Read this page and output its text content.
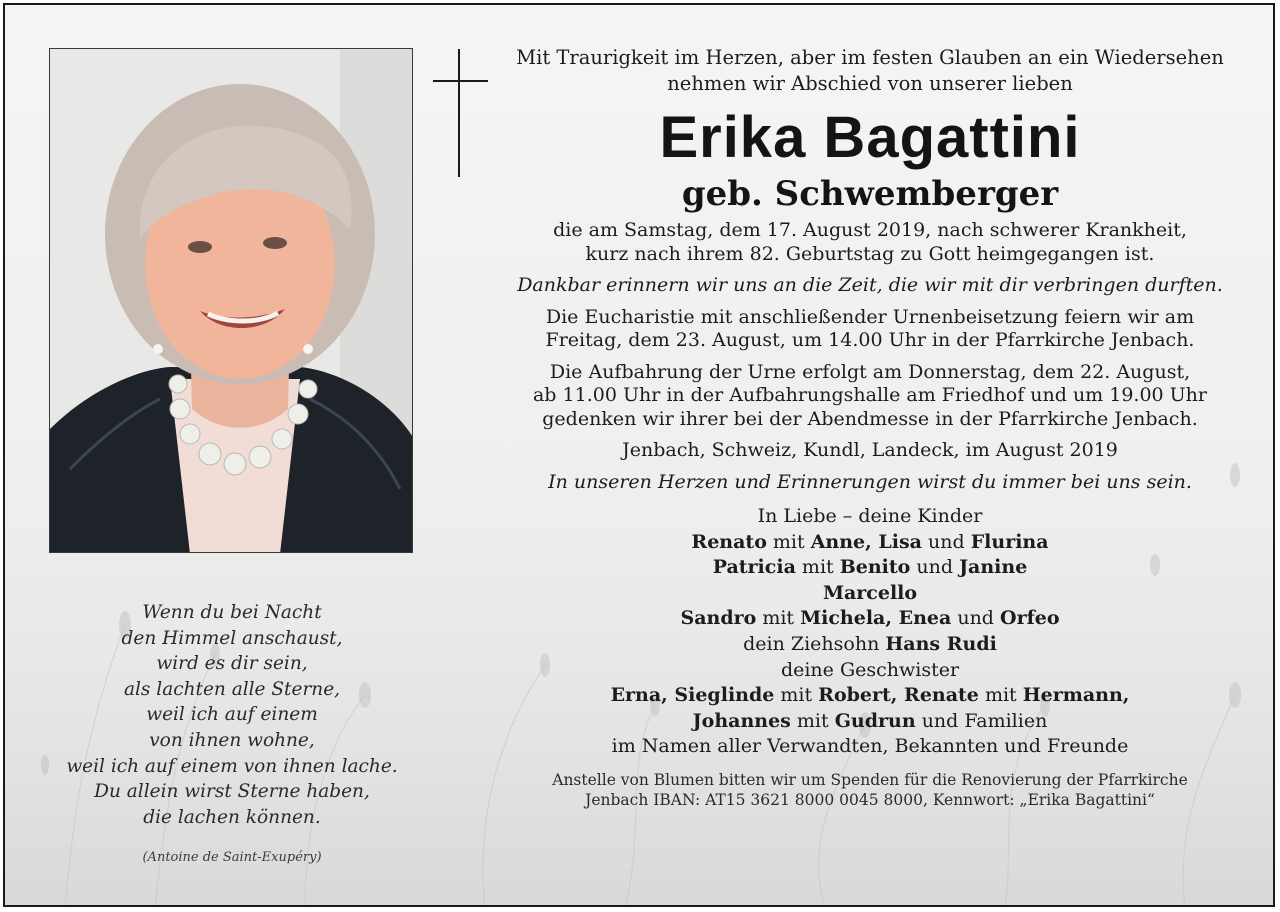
Mit Traurigkeit im Herzen, aber im festen Glauben an ein Wiedersehen
nehmen wir Abschied von unserer lieben
Erika Bagattini
geb. Schwemberger
die am Samstag, dem 17. August 2019, nach schwerer Krankheit,
kurz nach ihrem 82. Geburtstag zu Gott heimgegangen ist.
Dankbar erinnern wir uns an die Zeit, die wir mit dir verbringen durften.
Die Eucharistie mit anschließender Urnenbeisetzung feiern wir am
Freitag, dem 23. August, um 14.00 Uhr in der Pfarrkirche Jenbach.
Die Aufbahrung der Urne erfolgt am Donnerstag, dem 22. August,
ab 11.00 Uhr in der Aufbahrungshalle am Friedhof und um 19.00 Uhr
gedenken wir ihrer bei der Abendmesse in der Pfarrkirche Jenbach.
Jenbach, Schweiz, Kundl, Landeck, im August 2019
In unseren Herzen und Erinnerungen wirst du immer bei uns sein.
In Liebe – deine Kinder
Renato mit Anne, Lisa und Flurina
Patricia mit Benito und Janine
Marcello
Sandro mit Michela, Enea und Orfeo
dein Ziehsohn Hans Rudi
deine Geschwister
Erna, Sieglinde mit Robert, Renate mit Hermann,
Johannes mit Gudrun und Familien
im Namen aller Verwandten, Bekannten und Freunde
Anstelle von Blumen bitten wir um Spenden für die Renovierung der Pfarrkirche
Jenbach IBAN: AT15 3621 8000 0045 8000, Kennwort: „Erika Bagattini“
Wenn du bei Nacht
den Himmel anschaust,
wird es dir sein,
als lachten alle Sterne,
weil ich auf einem
von ihnen wohne,
weil ich auf einem von ihnen lache.
Du allein wirst Sterne haben,
die lachen können.
(Antoine de Saint-Exupéry)
